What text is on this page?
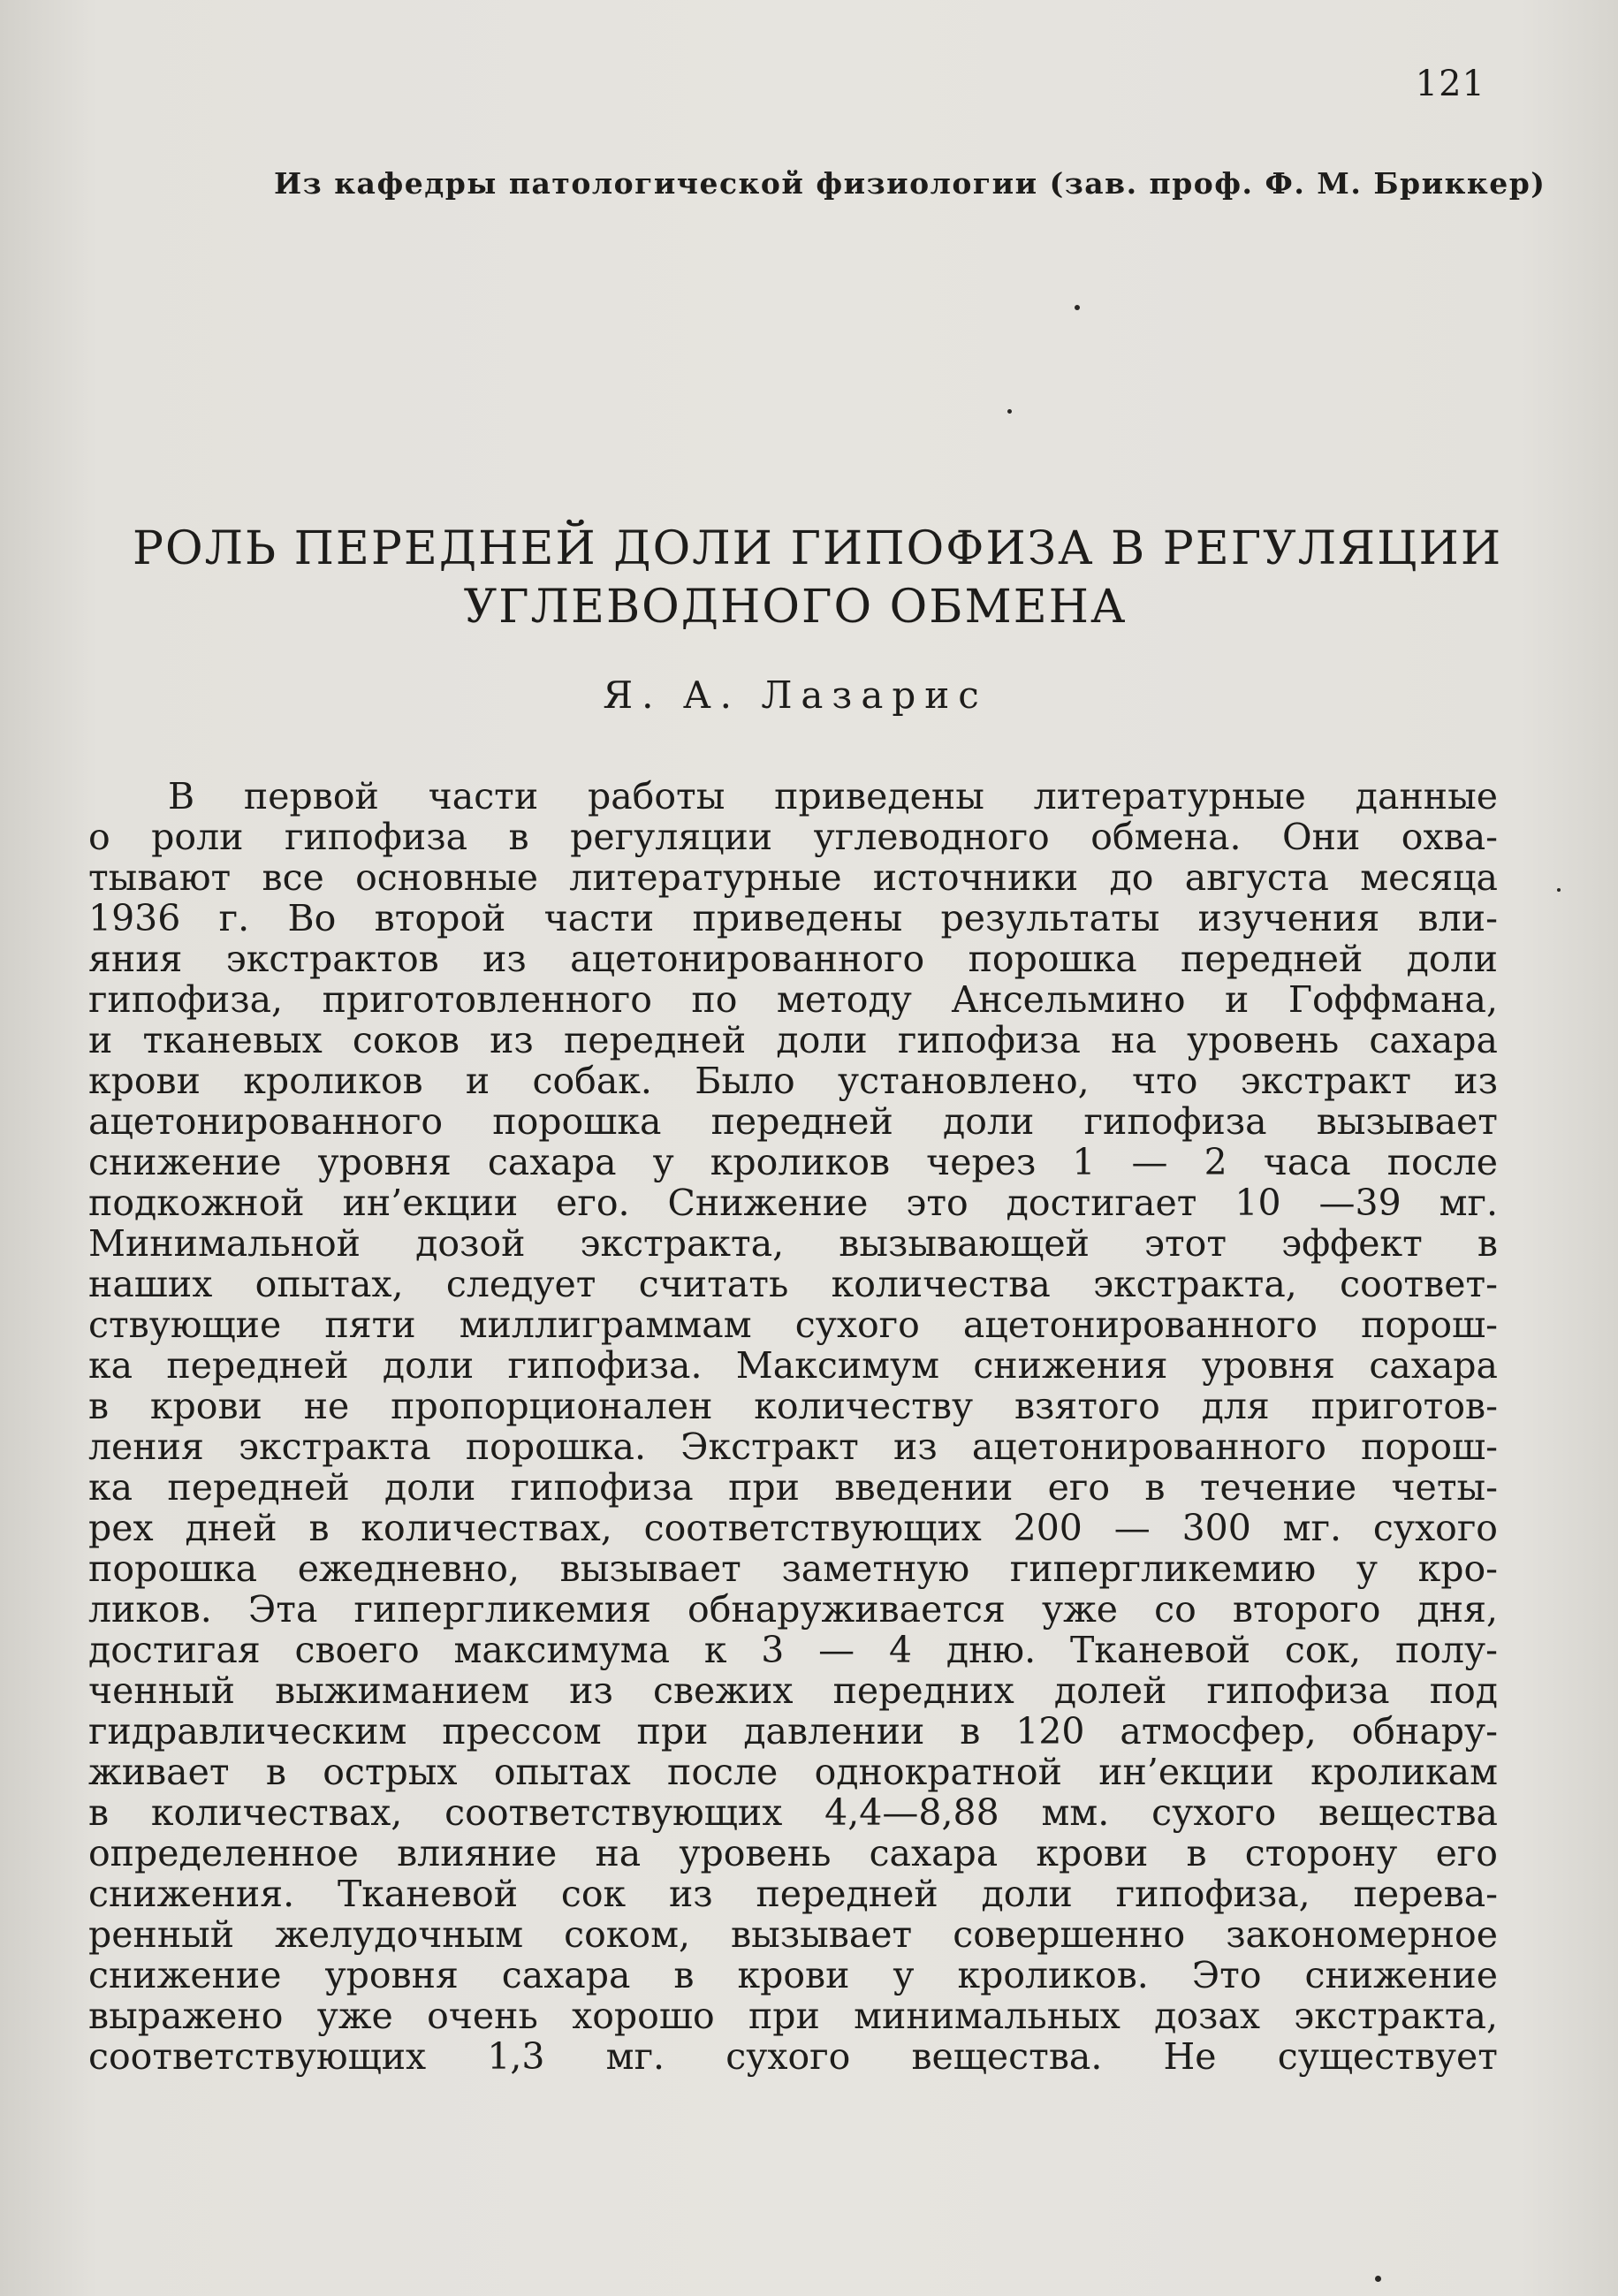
121
Из кафедры патологической физиологии (зав. проф. Ф. М. Бриккер)
РОЛЬ ПЕРЕДНЕЙ ДОЛИ ГИПОФИЗА В РЕГУЛЯЦИИ
УГЛЕВОДНОГО ОБМЕНА
Я. А. Лазарис
В первой части работы приведены литературные данные
о роли гипофиза в регуляции углеводного обмена. Они охва-
тывают все основные литературные источники до августа месяца
1936 г. Во второй части приведены результаты изучения вли-
яния экстрактов из ацетонированного порошка передней доли
гипофиза, приготовленного по методу Ансельмино и Гоффмана,
и тканевых соков из передней доли гипофиза на уровень сахара
крови кроликов и собак. Было установлено, что экстракт из
ацетонированного порошка передней доли гипофиза вызывает
снижение уровня сахара у кроликов через 1 — 2 часа после
подкожной ин’екции его. Снижение это достигает 10 —39 мг.
Минимальной дозой экстракта, вызывающей этот эффект в
наших опытах, следует считать количества экстракта, соответ-
ствующие пяти миллиграммам сухого ацетонированного порош-
ка передней доли гипофиза. Максимум снижения уровня сахара
в крови не пропорционален количеству взятого для приготов-
ления экстракта порошка. Экстракт из ацетонированного порош-
ка передней доли гипофиза при введении его в течение четы-
рех дней в количествах, соответствующих 200 — 300 мг. сухого
порошка ежедневно, вызывает заметную гипергликемию у кро-
ликов. Эта гипергликемия обнаруживается уже со второго дня,
достигая своего максимума к 3 — 4 дню. Тканевой сок, полу-
ченный выжиманием из свежих передних долей гипофиза под
гидравлическим прессом при давлении в 120 атмосфер, обнару-
живает в острых опытах после однократной ин’екции кроликам
в количествах, соответствующих 4,4—8,88 мм. сухого вещества
определенное влияние на уровень сахара крови в сторону его
снижения. Тканевой сок из передней доли гипофиза, перева-
ренный желудочным соком, вызывает совершенно закономерное
снижение уровня сахара в крови у кроликов. Это снижение
выражено уже очень хорошо при минимальных дозах экстракта,
соответствующих 1,3 мг. сухого вещества. Не существует
